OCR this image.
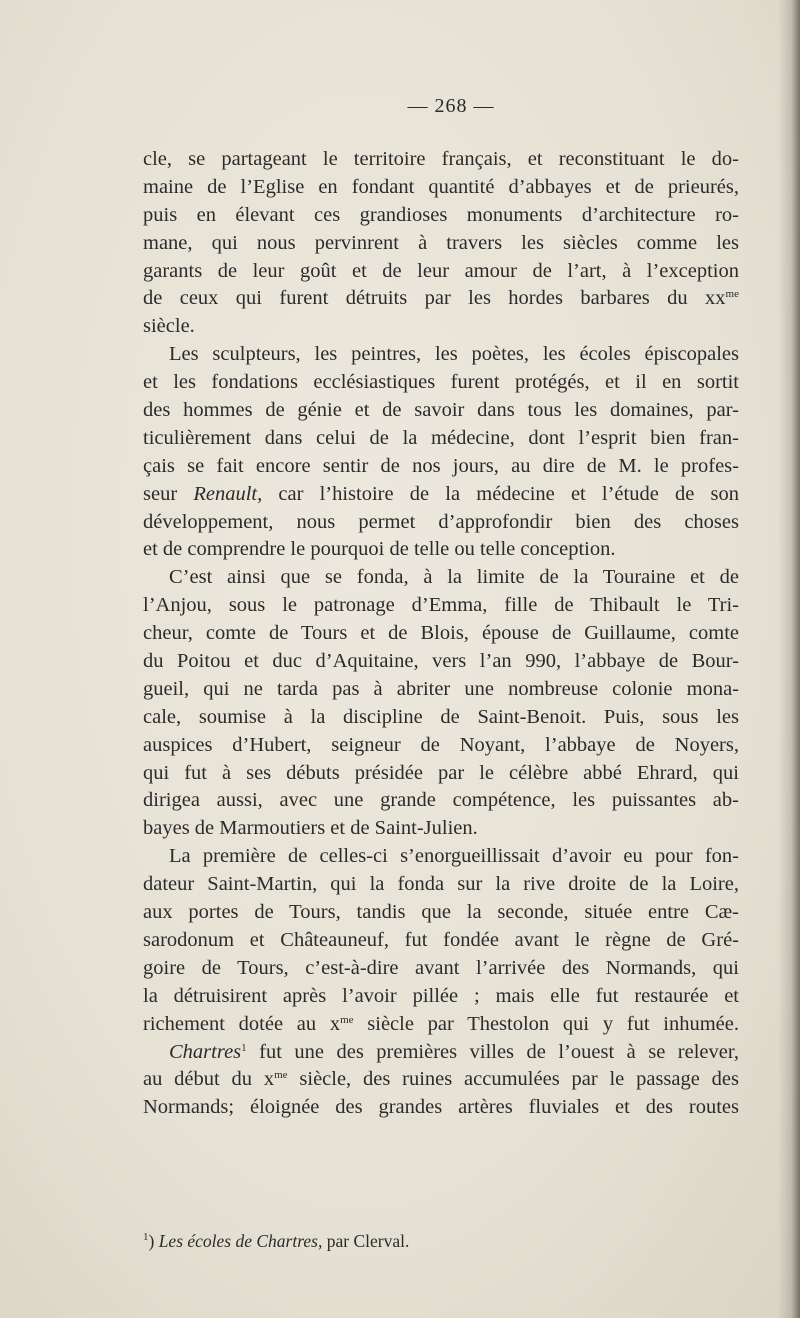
— 268 —
cle, se partageant le territoire français, et reconstituant le do-
maine de l’Eglise en fondant quantité d’abbayes et de prieurés,
puis en élevant ces grandioses monuments d’architecture ro-
mane, qui nous pervinrent à travers les siècles comme les
garants de leur goût et de leur amour de l’art, à l’exception
de ceux qui furent détruits par les hordes barbares du $xx^{me}$
siècle.
Les sculpteurs, les peintres, les poètes, les écoles épiscopales
et les fondations ecclésiastiques furent protégés, et il en sortit
des hommes de génie et de savoir dans tous les domaines, par-
ticulièrement dans celui de la médecine, dont l’esprit bien fran-
çais se fait encore sentir de nos jours, au dire de M. le profes-
seur Renault, car l’histoire de la médecine et l’étude de son
développement, nous permet d’approfondir bien des choses
et de comprendre le pourquoi de telle ou telle conception.
C’est ainsi que se fonda, à la limite de la Touraine et de
l’Anjou, sous le patronage d’Emma, fille de Thibault le Tri-
cheur, comte de Tours et de Blois, épouse de Guillaume, comte
du Poitou et duc d’Aquitaine, vers l’an 990, l’abbaye de Bour-
gueil, qui ne tarda pas à abriter une nombreuse colonie mona-
cale, soumise à la discipline de Saint-Benoit. Puis, sous les
auspices d’Hubert, seigneur de Noyant, l’abbaye de Noyers,
qui fut à ses débuts présidée par le célèbre abbé Ehrard, qui
dirigea aussi, avec une grande compétence, les puissantes ab-
bayes de Marmoutiers et de Saint-Julien.
La première de celles-ci s’enorgueillissait d’avoir eu pour fon-
dateur Saint-Martin, qui la fonda sur la rive droite de la Loire,
aux portes de Tours, tandis que la seconde, située entre Cæ-
sarodonum et Châteauneuf, fut fondée avant le règne de Gré-
goire de Tours, c’est-à-dire avant l’arrivée des Normands, qui
la détruisirent après l’avoir pillée ; mais elle fut restaurée et
richement dotée au $x^{me}$ siècle par Thestolon qui y fut inhumée.
Chartres$^1$ fut une des premières villes de l’ouest à se relever,
au début du $x^{me}$ siècle, des ruines accumulées par le passage des
Normands; éloignée des grandes artères fluviales et des routes
$^1$) Les écoles de Chartres, par Clerval.
